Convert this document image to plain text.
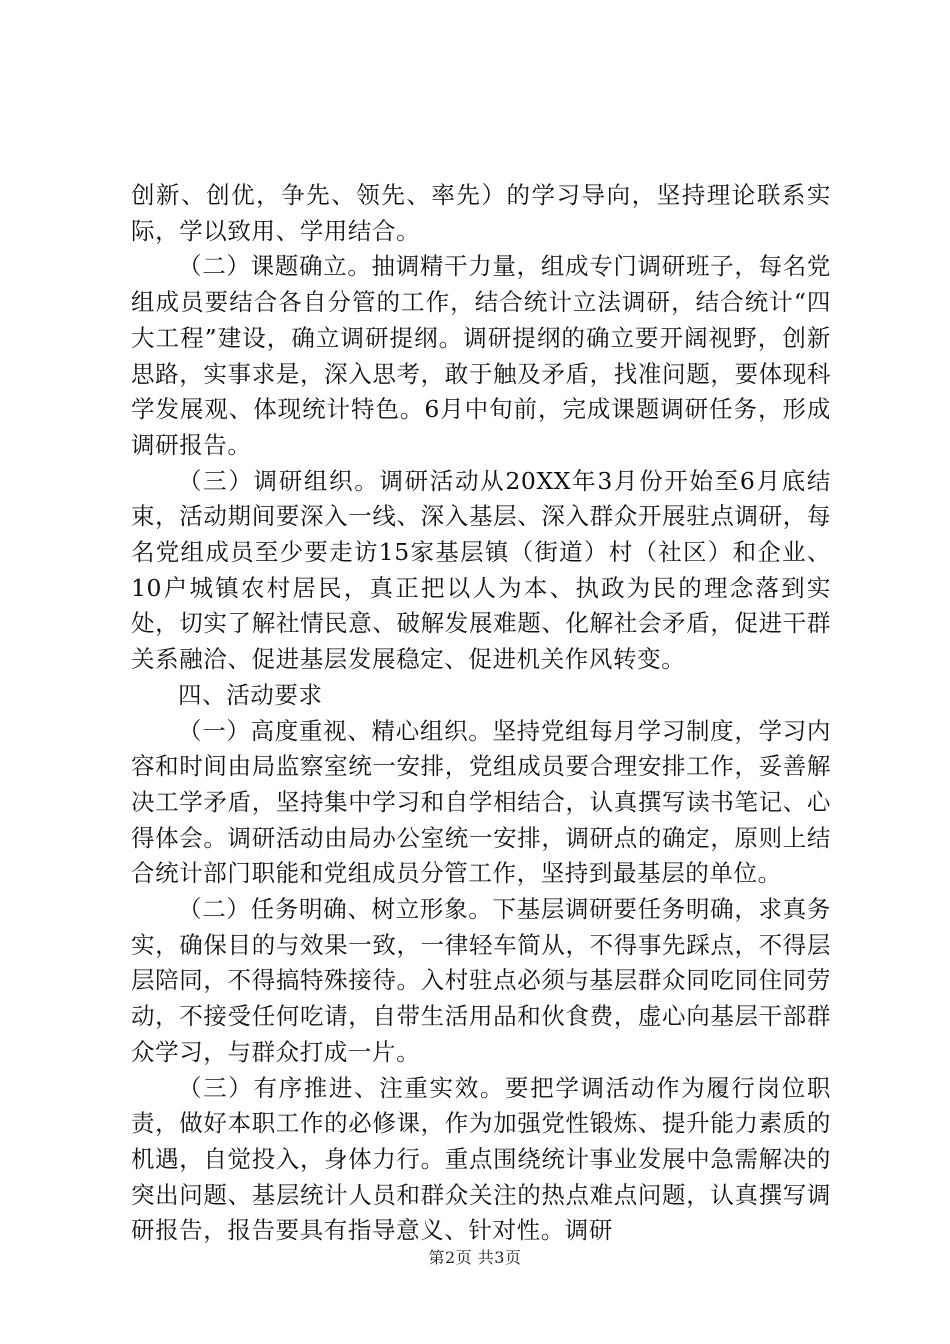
创新、创优，争先、领先、率先）的学习导向，坚持理论联系实际，学以致用、学用结合。

（二）课题确立。抽调精干力量，组成专门调研班子，每名党组成员要结合各自分管的工作，结合统计立法调研，结合统计“四大工程”建设，确立调研提纲。调研提纲的确立要开阔视野，创新思路，实事求是，深入思考，敢于触及矛盾，找准问题，要体现科学发展观、体现统计特色。6月中旬前，完成课题调研任务，形成调研报告。

（三）调研组织。调研活动从20XX年3月份开始至6月底结束，活动期间要深入一线、深入基层、深入群众开展驻点调研，每名党组成员至少要走访15家基层镇（街道）村（社区）和企业、10户城镇农村居民，真正把以人为本、执政为民的理念落到实处，切实了解社情民意、破解发展难题、化解社会矛盾，促进干群关系融洽、促进基层发展稳定、促进机关作风转变。

四、活动要求

（一）高度重视、精心组织。坚持党组每月学习制度，学习内容和时间由局监察室统一安排，党组成员要合理安排工作，妥善解决工学矛盾，坚持集中学习和自学相结合，认真撰写读书笔记、心得体会。调研活动由局办公室统一安排，调研点的确定，原则上结合统计部门职能和党组成员分管工作，坚持到最基层的单位。

（二）任务明确、树立形象。下基层调研要任务明确，求真务实，确保目的与效果一致，一律轻车简从，不得事先踩点，不得层层陪同，不得搞特殊接待。入村驻点必须与基层群众同吃同住同劳动，不接受任何吃请，自带生活用品和伙食费，虚心向基层干部群众学习，与群众打成一片。

（三）有序推进、注重实效。要把学调活动作为履行岗位职责，做好本职工作的必修课，作为加强党性锻炼、提升能力素质的机遇，自觉投入，身体力行。重点围绕统计事业发展中急需解决的突出问题、基层统计人员和群众关注的热点难点问题，认真撰写调研报告，报告要具有指导意义、针对性。调研

第2页 共3页
